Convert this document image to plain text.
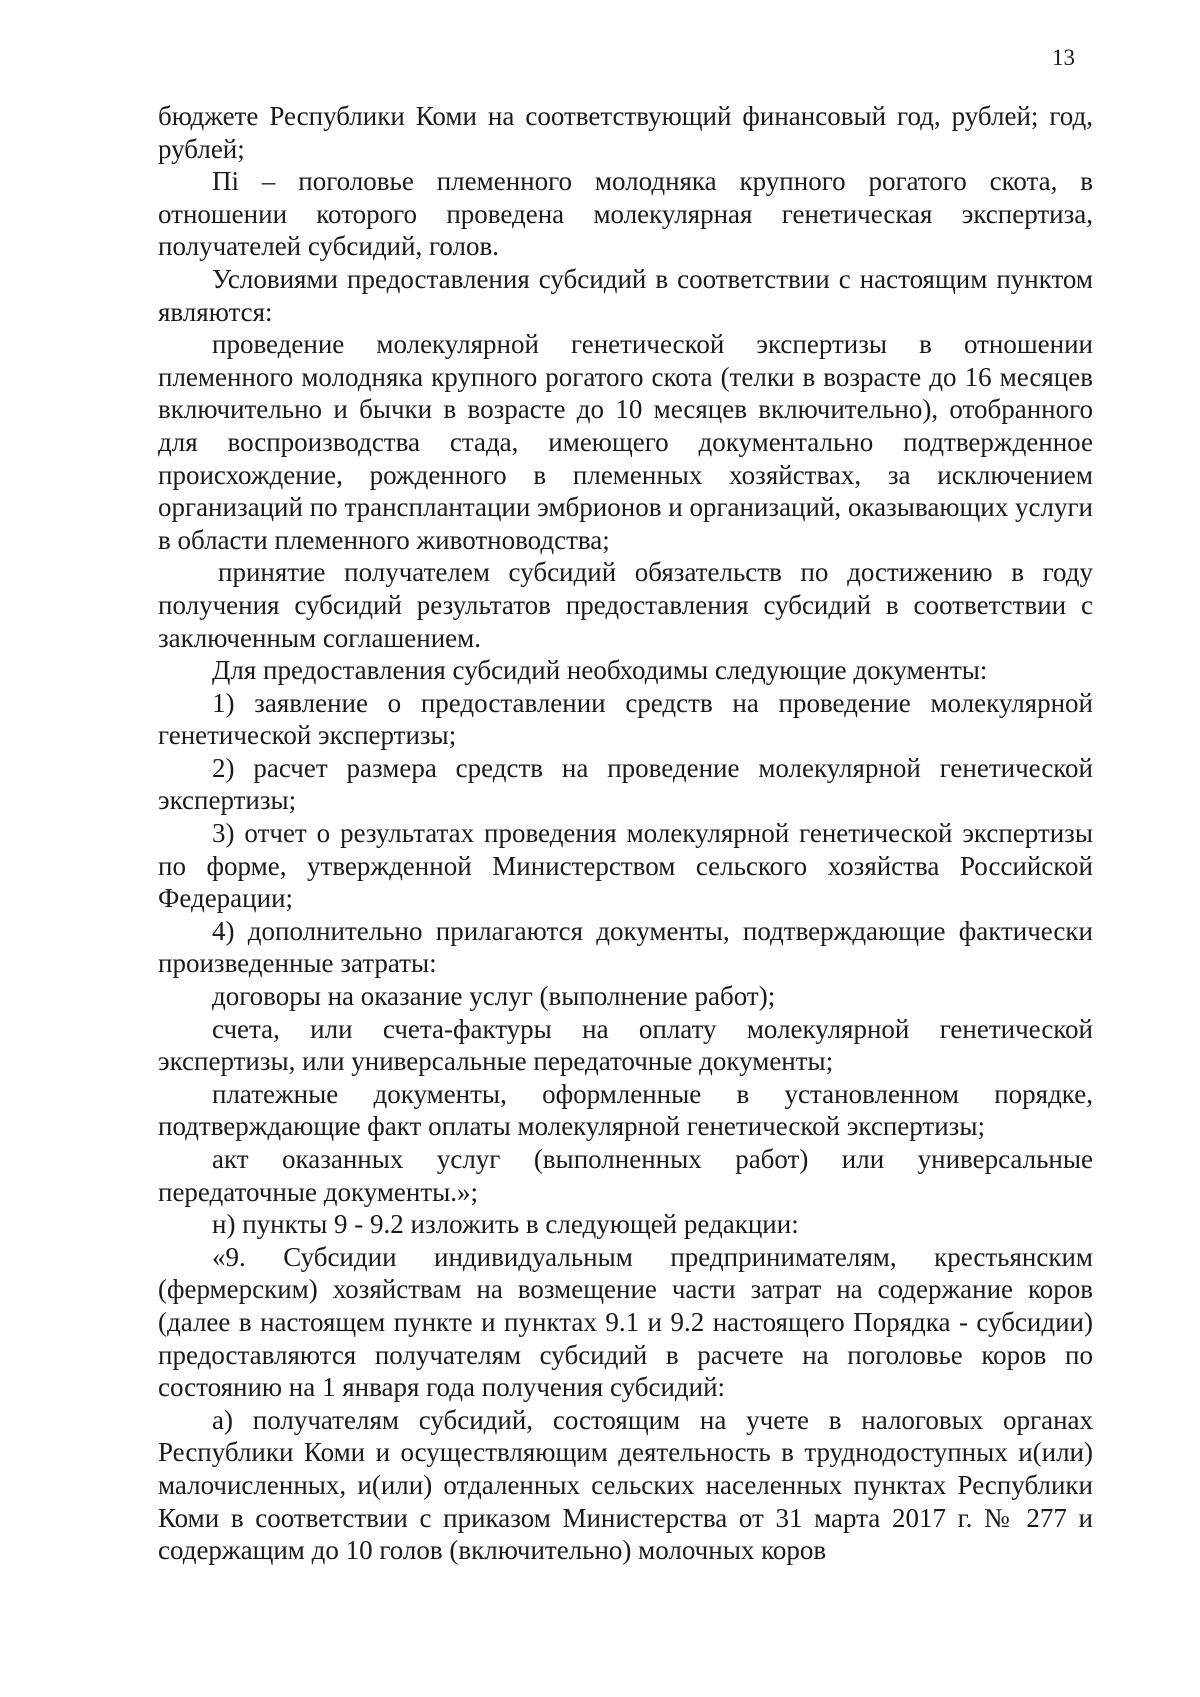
13

бюджете Республики Коми на соответствующий финансовый год, рублей; год, рублей;

Пi – поголовье племенного молодняка крупного рогатого скота, в отношении которого проведена молекулярная генетическая экспертиза, получателей субсидий, голов.

Условиями предоставления субсидий в соответствии с настоящим пунктом являются:

проведение молекулярной генетической экспертизы в отношении племенного молодняка крупного рогатого скота (телки в возрасте до 16 месяцев включительно и бычки в возрасте до 10 месяцев включительно), отобранного для воспроизводства стада, имеющего документально подтвержденное происхождение, рожденного в племенных хозяйствах, за исключением организаций по трансплантации эмбрионов и организаций, оказывающих услуги в области племенного животноводства;

принятие получателем субсидий обязательств по достижению в году получения субсидий результатов предоставления субсидий в соответствии с заключенным соглашением.

Для предоставления субсидий необходимы следующие документы:

1) заявление о предоставлении средств на проведение молекулярной генетической экспертизы;

2) расчет размера средств на проведение молекулярной генетической экспертизы;

3) отчет о результатах проведения молекулярной генетической экспертизы по форме, утвержденной Министерством сельского хозяйства Российской Федерации;

4) дополнительно прилагаются документы, подтверждающие фактически произведенные затраты:

договоры на оказание услуг (выполнение работ);

счета, или счета-фактуры на оплату молекулярной генетической экспертизы, или универсальные передаточные документы;

платежные документы, оформленные в установленном порядке, подтверждающие факт оплаты молекулярной генетической экспертизы;

акт оказанных услуг (выполненных работ) или универсальные передаточные документы.»;

н) пункты 9 - 9.2 изложить в следующей редакции:

«9. Субсидии индивидуальным предпринимателям, крестьянским (фермерским) хозяйствам на возмещение части затрат на содержание коров (далее в настоящем пункте и пунктах 9.1 и 9.2 настоящего Порядка - субсидии) предоставляются получателям субсидий в расчете на поголовье коров по состоянию на 1 января года получения субсидий:

а) получателям субсидий, состоящим на учете в налоговых органах Республики Коми и осуществляющим деятельность в труднодоступных и(или) малочисленных, и(или) отдаленных сельских населенных пунктах Республики Коми в соответствии с приказом Министерства от 31 марта 2017 г. № 277 и содержащим до 10 голов (включительно) молочных коров
